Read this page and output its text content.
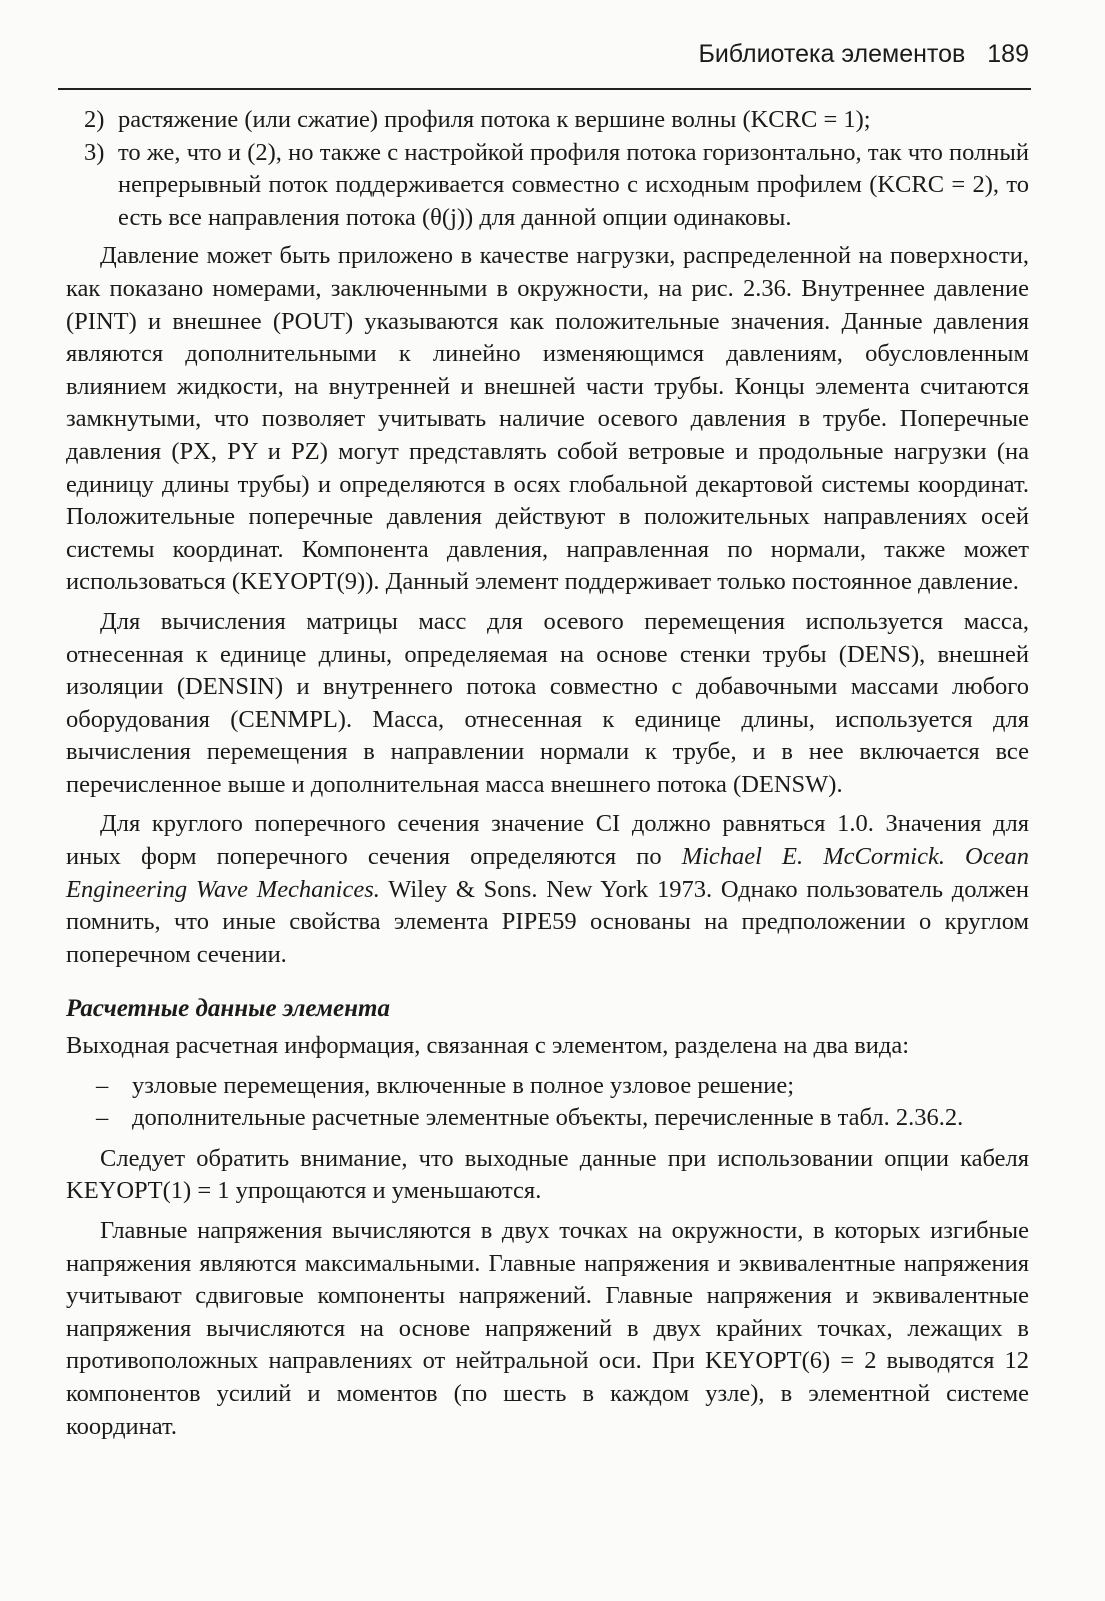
Библиотека элементов 189
2) растяжение (или сжатие) профиля потока к вершине волны (KCRC = 1);
3) то же, что и (2), но также с настройкой профиля потока горизонтально, так что полный непрерывный поток поддерживается совместно с исходным профилем (KCRC = 2), то есть все направления потока (θ(j)) для данной опции одинаковы.

Давление может быть приложено в качестве нагрузки, распределенной на поверхности, как показано номерами, заключенными в окружности, на рис. 2.36. Внутреннее давление (PINT) и внешнее (POUT) указываются как положительные значения. Данные давления являются дополнительными к линейно изменяющимся давлениям, обусловленным влиянием жидкости, на внутренней и внешней части трубы. Концы элемента считаются замкнутыми, что позволяет учитывать наличие осевого давления в трубе. Поперечные давления (PX, PY и PZ) могут представлять собой ветровые и продольные нагрузки (на единицу длины трубы) и определяются в осях глобальной декартовой системы координат. Положительные поперечные давления действуют в положительных направлениях осей системы координат. Компонента давления, направленная по нормали, также может использоваться (KEYOPT(9)). Данный элемент поддерживает только постоянное давление.

Для вычисления матрицы масс для осевого перемещения используется масса, отнесенная к единице длины, определяемая на основе стенки трубы (DENS), внешней изоляции (DENSIN) и внутреннего потока совместно с добавочными массами любого оборудования (CENMPL). Масса, отнесенная к единице длины, используется для вычисления перемещения в направлении нормали к трубе, и в нее включается все перечисленное выше и дополнительная масса внешнего потока (DENSW).

Для круглого поперечного сечения значение CI должно равняться 1.0. Значения для иных форм поперечного сечения определяются по Michael E. McCormick. Ocean Engineering Wave Mechanices. Wiley & Sons. New York 1973. Однако пользователь должен помнить, что иные свойства элемента PIPE59 основаны на предположении о круглом поперечном сечении.

Расчетные данные элемента

Выходная расчетная информация, связанная с элементом, разделена на два вида:

– узловые перемещения, включенные в полное узловое решение;
– дополнительные расчетные элементные объекты, перечисленные в табл. 2.36.2.

Следует обратить внимание, что выходные данные при использовании опции кабеля KEYOPT(1) = 1 упрощаются и уменьшаются.

Главные напряжения вычисляются в двух точках на окружности, в которых изгибные напряжения являются максимальными. Главные напряжения и эквивалентные напряжения учитывают сдвиговые компоненты напряжений. Главные напряжения и эквивалентные напряжения вычисляются на основе напряжений в двух крайних точках, лежащих в противоположных направлениях от нейтральной оси. При KEYOPT(6) = 2 выводятся 12 компонентов усилий и моментов (по шесть в каждом узле), в элементной системе координат.
